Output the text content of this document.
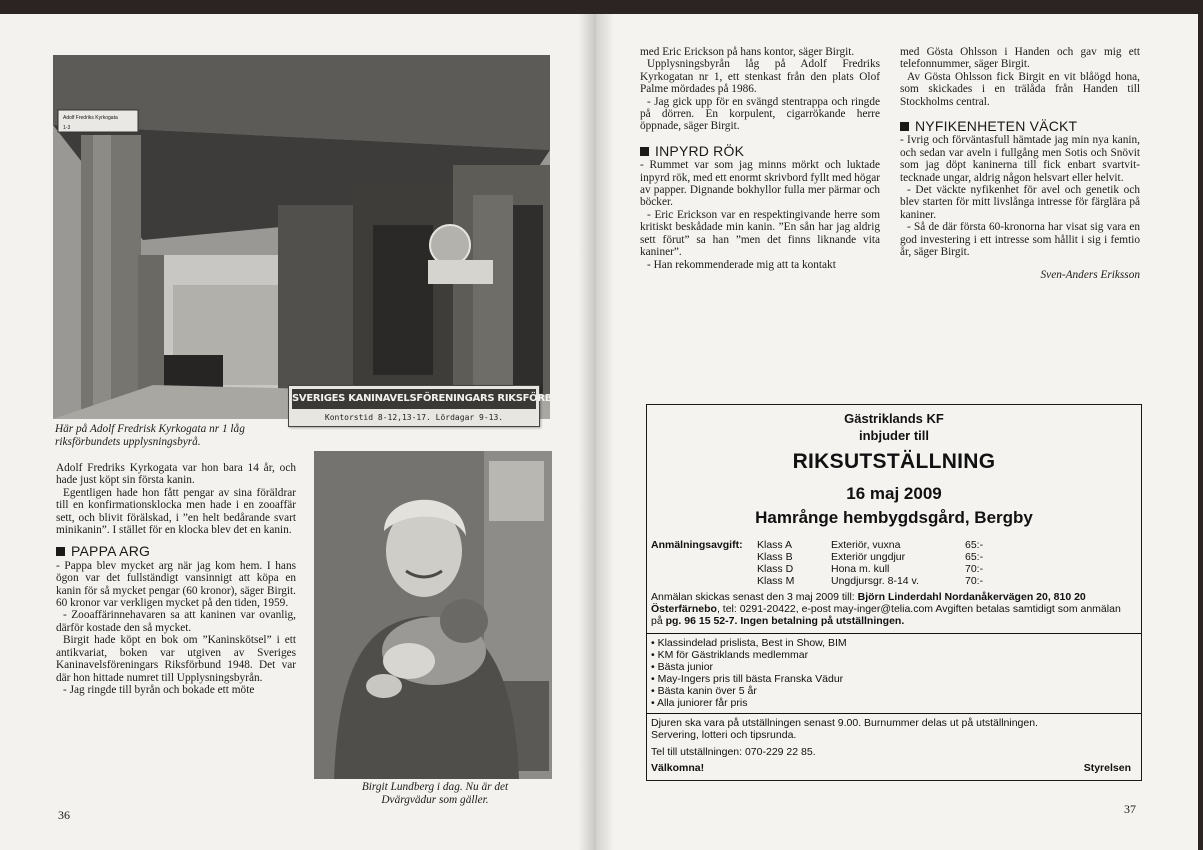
Adolf Fredriks Kyrkogata
1-3
SVERIGES KANINAVELSFÖRENINGARS RIKSFÖRBUND
Kontorstid 8-12,13-17. Lördagar 9-13.
Här på Adolf Fredrisk Kyrkogata nr 1 låg
riksförbundets upplysningsbyrå.

Adolf Fredriks Kyrkogata var hon bara 14 år, och hade just köpt sin första kanin.

Egentligen hade hon fått pengar av sina föräldrar till en konfirmationsklocka men hade i en zooaffär sett, och blivit förälskad, i ”en helt bedårande svart minikanin”. I stället för en klocka blev det en kanin.

PAPPA ARG

- Pappa blev mycket arg när jag kom hem. I hans ögon var det fullständigt vansinnigt att köpa en kanin för så mycket pengar (60 kronor), säger Birgit. 60 kronor var verkligen mycket på den tiden, 1959.

- Zooaffärinnehavaren sa att kaninen var ovanlig, därför kostade den så mycket.

Birgit hade köpt en bok om ”Kaninskötsel” i ett antikvariat, boken var utgiven av Sveriges Kaninavelsföreningars Riksförbund 1948. Det var där hon hittade numret till Upplysningsbyrån.

- Jag ringde till byrån och bokade ett möte

Birgit Lundberg i dag. Nu är det
Dvärgvädur som gäller.
36

med Eric Erickson på hans kontor, säger Birgit.

Upplysningsbyrån låg på Adolf Fredriks Kyrkogatan nr 1, ett stenkast från den plats Olof Palme mördades på 1986.

- Jag gick upp för en svängd stentrappa och ringde på dörren. En korpulent, cigarrökande herre öppnade, säger Birgit.

INPYRD RÖK

- Rummet var som jag minns mörkt och luktade inpyrd rök, med ett enormt skrivbord fyllt med högar av papper. Dignande bokhyllor fulla mer pärmar och böcker.

- Eric Erickson var en respektingivande herre som kritiskt beskådade min kanin. ”En sån har jag aldrig sett förut” sa han ”men det finns liknande vita kaniner”.

- Han rekommenderade mig att ta kontakt

med Gösta Ohlsson i Handen och gav mig ett telefonnummer, säger Birgit.

Av Gösta Ohlsson fick Birgit en vit blåögd hona, som skickades i en trälåda från Handen till Stockholms central.

NYFIKENHETEN VÄCKT

- Ivrig och förväntasfull hämtade jag min nya kanin, och sedan var aveln i fullgång men Sotis och Snövit som jag döpt kaninerna till fick enbart svartvit-tecknade ungar, aldrig någon helsvart eller helvit.

- Det väckte nyfikenhet för avel och genetik och blev starten för mitt livslånga intresse för färglära på kaniner.

- Så de där första 60-kronorna har visat sig vara en god investering i ett intresse som hållit i sig i femtio år, säger Birgit.

Sven-Anders Eriksson
Gästriklands KF
inbjuder till
RIKSUTSTÄLLNING
16 maj 2009
Hamrånge hembygdsgård, Bergby
Anmälningsavgift: Klass A
Klass B
Klass D
Klass M
Exteriör, vuxna
Exteriör ungdjur
Hona m. kull
Ungdjursgr. 8-14 v.
65:-
65:-
70:-
70:-
Anmälan skickas senast den 3 maj 2009 till: Björn Linderdahl Nordanåkervägen 20, 810 20 Österfärnebo, tel: 0291-20422, e-post may-inger@telia.com Avgiften betalas samtidigt som anmälan på pg. 96 15 52-7. Ingen betalning på utställningen.
• Klassindelad prislista, Best in Show, BIM
• KM för Gästriklands medlemmar
• Bästa junior
• May-Ingers pris till bästa Franska Vädur
• Bästa kanin över 5 år
• Alla juniorer får pris
Djuren ska vara på utställningen senast 9.00. Burnummer delas ut på utställningen.
Servering, lotteri och tipsrunda.
Tel till utställningen: 070-229 22 85.
Välkomna!	Styrelsen
37
